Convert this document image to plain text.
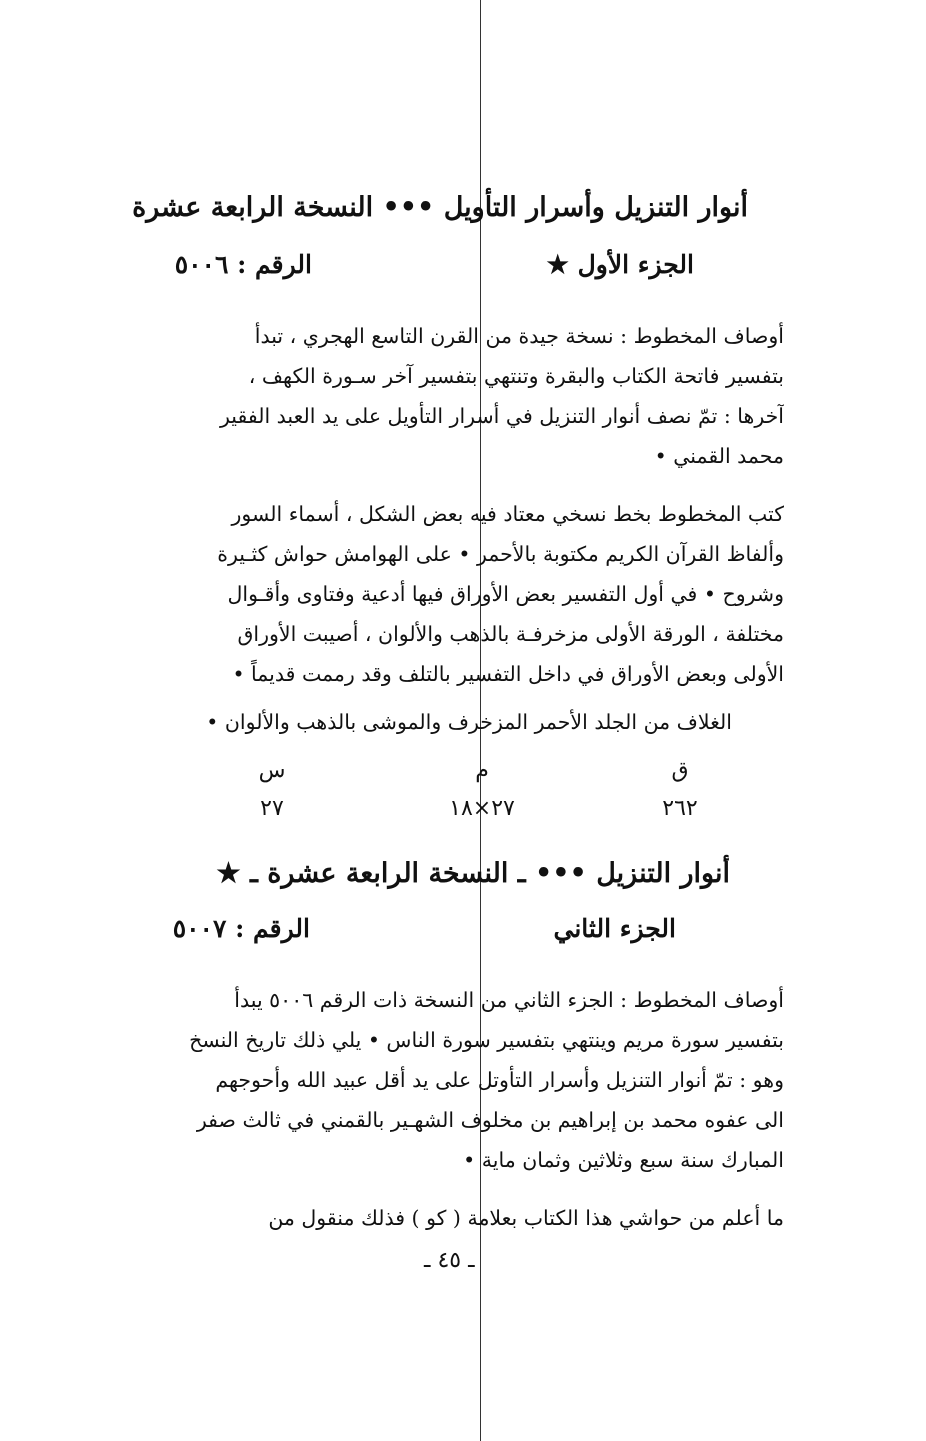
أنوار التنزيل وأسرار التأويل ••• النسخة الرابعة عشرة
الجزء الأول ★
الرقم : ٥٠٠٦
أوصاف المخطوط : نسخة جيدة من القرن التاسع الهجري ، تبدأ
بتفسير فاتحة الكتاب والبقرة وتنتهي بتفسير آخر سـورة الكهف ،
آخرها : تمّ نصف أنوار التنزيل في أسرار التأويل على يد العبد الفقير
محمد القمني •
كتب المخطوط بخط نسخي معتاد فيه بعض الشكل ، أسماء السور
وألفاظ القرآن الكريم مكتوبة بالأحمر • على الهوامش حواش كثـيرة
وشروح • في أول التفسير بعض الأوراق فيها أدعية وفتاوى وأقـوال
مختلفة ، الورقة الأولى مزخرفـة بالذهب والألوان ، أصيبت الأوراق
الأولى وبعض الأوراق في داخل التفسير بالتلف وقد رممت قديماً •
الغلاف من الجلد الأحمر المزخرف والموشى بالذهب والألوان •
ق
م
س
٢٦٢
٢٧×١٨
٢٧
أنوار التنزيل ••• ـ النسخة الرابعة عشرة ـ ★
الجزء الثاني
الرقم : ٥٠٠٧
أوصاف المخطوط : الجزء الثاني من النسخة ذات الرقم ٥٠٠٦ يبدأ
بتفسير سورة مريم وينتهي بتفسير سورة الناس • يلي ذلك تاريخ النسخ
وهو : تمّ أنوار التنزيل وأسرار التأوتل على يد أقل عبيد الله وأحوجهم
الى عفوه محمد بن إبراهيم بن مخلوف الشهـير بالقمني في ثالث صفر
المبارك سنة سبع وثلاثين وثمان ماية •
ما أعلم من حواشي هذا الكتاب بعلامة ( كو ) فذلك منقول من
ـ ٤٥ ـ
